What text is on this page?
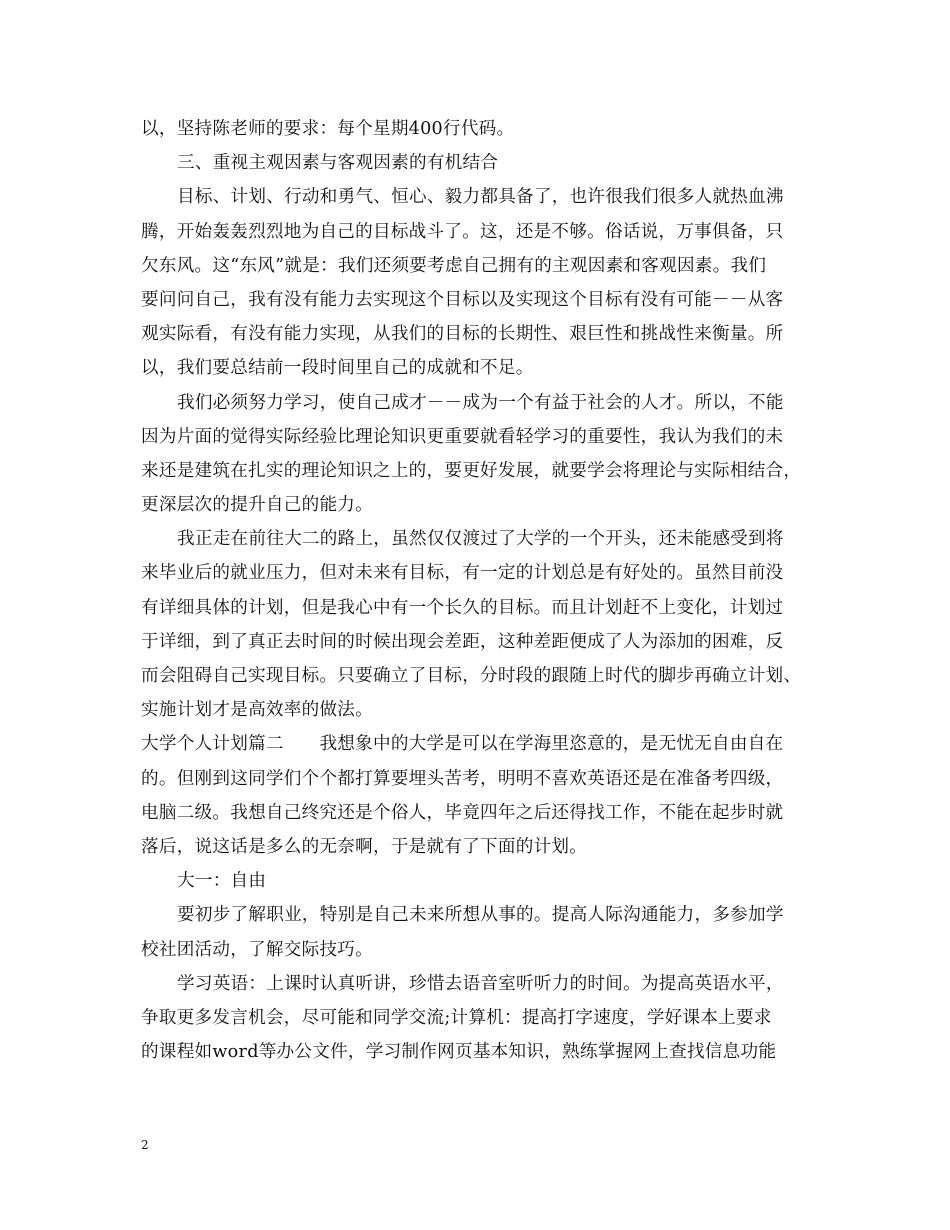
以，坚持陈老师的要求：每个星期400行代码。
三、重视主观因素与客观因素的有机结合
目标、计划、行动和勇气、恒心、毅力都具备了，也许很我们很多人就热血沸
腾，开始轰轰烈烈地为自己的目标战斗了。这，还是不够。俗话说，万事俱备，只
欠东风。这“东风”就是：我们还须要考虑自己拥有的主观因素和客观因素。我们
要问问自己，我有没有能力去实现这个目标以及实现这个目标有没有可能－－从客
观实际看，有没有能力实现，从我们的目标的长期性、艰巨性和挑战性来衡量。所
以，我们要总结前一段时间里自己的成就和不足。
我们必须努力学习，使自己成才－－成为一个有益于社会的人才。所以，不能
因为片面的觉得实际经验比理论知识更重要就看轻学习的重要性，我认为我们的未
来还是建筑在扎实的理论知识之上的，要更好发展，就要学会将理论与实际相结合，
更深层次的提升自己的能力。
我正走在前往大二的路上，虽然仅仅渡过了大学的一个开头，还未能感受到将
来毕业后的就业压力，但对未来有目标，有一定的计划总是有好处的。虽然目前没
有详细具体的计划，但是我心中有一个长久的目标。而且计划赶不上变化，计划过
于详细，到了真正去时间的时候出现会差距，这种差距便成了人为添加的困难，反
而会阻碍自己实现目标。只要确立了目标，分时段的跟随上时代的脚步再确立计划、
实施计划才是高效率的做法。
大学个人计划篇二　　我想象中的大学是可以在学海里恣意的，是无忧无自由自在
的。但刚到这同学们个个都打算要埋头苦考，明明不喜欢英语还是在准备考四级，
电脑二级。我想自己终究还是个俗人，毕竟四年之后还得找工作，不能在起步时就
落后，说这话是多么的无奈啊，于是就有了下面的计划。
大一：自由
要初步了解职业，特别是自己未来所想从事的。提高人际沟通能力，多参加学
校社团活动，了解交际技巧。
学习英语：上课时认真听讲，珍惜去语音室听听力的时间。为提高英语水平，
争取更多发言机会，尽可能和同学交流;计算机：提高打字速度，学好课本上要求
的课程如word等办公文件，学习制作网页基本知识，熟练掌握网上查找信息功能
2
